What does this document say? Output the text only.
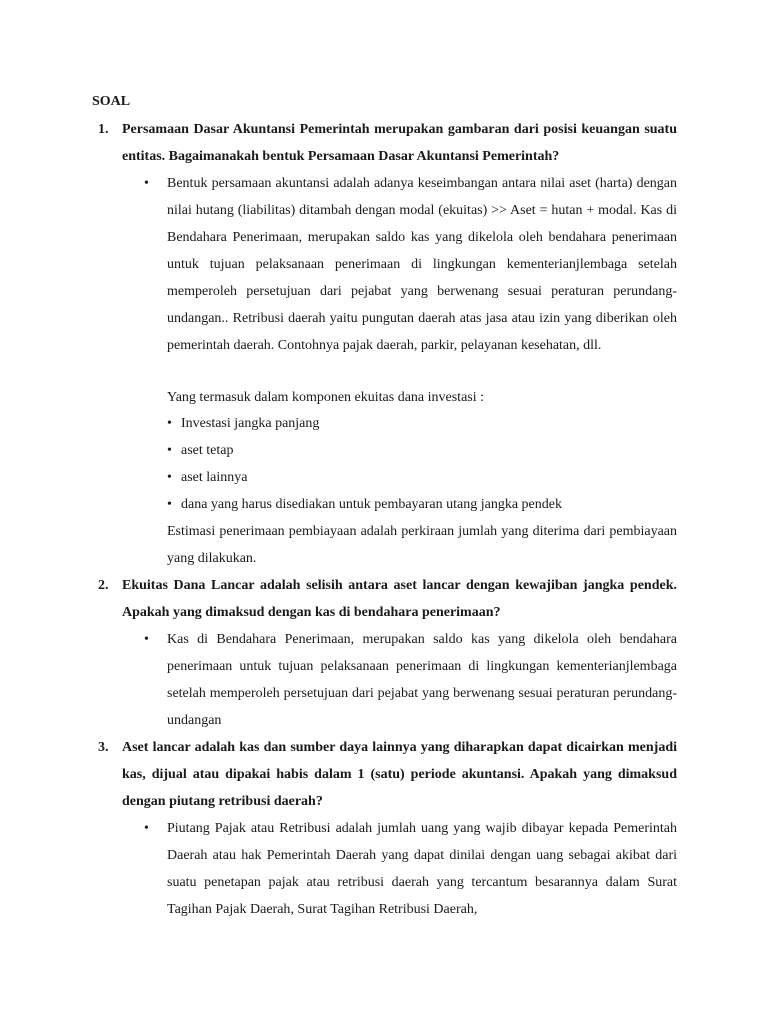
SOAL
1. Persamaan Dasar Akuntansi Pemerintah merupakan gambaran dari posisi keuangan suatu entitas. Bagaimanakah bentuk Persamaan Dasar Akuntansi Pemerintah?
• Bentuk persamaan akuntansi adalah adanya keseimbangan antara nilai aset (harta) dengan nilai hutang (liabilitas) ditambah dengan modal (ekuitas) >> Aset = hutan + modal. Kas di Bendahara Penerimaan, merupakan saldo kas yang dikelola oleh bendahara penerimaan untuk tujuan pelaksanaan penerimaan di lingkungan kementerianjlembaga setelah memperoleh persetujuan dari pejabat yang berwenang sesuai peraturan perundang-undangan.. Retribusi daerah yaitu pungutan daerah atas jasa atau izin yang diberikan oleh pemerintah daerah. Contohnya pajak daerah, parkir, pelayanan kesehatan, dll.
Yang termasuk dalam komponen ekuitas dana investasi :
• Investasi jangka panjang
• aset tetap
• aset lainnya
• dana yang harus disediakan untuk pembayaran utang jangka pendek
Estimasi penerimaan pembiayaan adalah perkiraan jumlah yang diterima dari pembiayaan yang dilakukan.
2. Ekuitas Dana Lancar adalah selisih antara aset lancar dengan kewajiban jangka pendek. Apakah yang dimaksud dengan kas di bendahara penerimaan?
• Kas di Bendahara Penerimaan, merupakan saldo kas yang dikelola oleh bendahara penerimaan untuk tujuan pelaksanaan penerimaan di lingkungan kementerianjlembaga setelah memperoleh persetujuan dari pejabat yang berwenang sesuai peraturan perundang-undangan
3. Aset lancar adalah kas dan sumber daya lainnya yang diharapkan dapat dicairkan menjadi kas, dijual atau dipakai habis dalam 1 (satu) periode akuntansi. Apakah yang dimaksud dengan piutang retribusi daerah?
• Piutang Pajak atau Retribusi adalah jumlah uang yang wajib dibayar kepada Pemerintah Daerah atau hak Pemerintah Daerah yang dapat dinilai dengan uang sebagai akibat dari suatu penetapan pajak atau retribusi daerah yang tercantum besarannya dalam Surat Tagihan Pajak Daerah, Surat Tagihan Retribusi Daerah,
